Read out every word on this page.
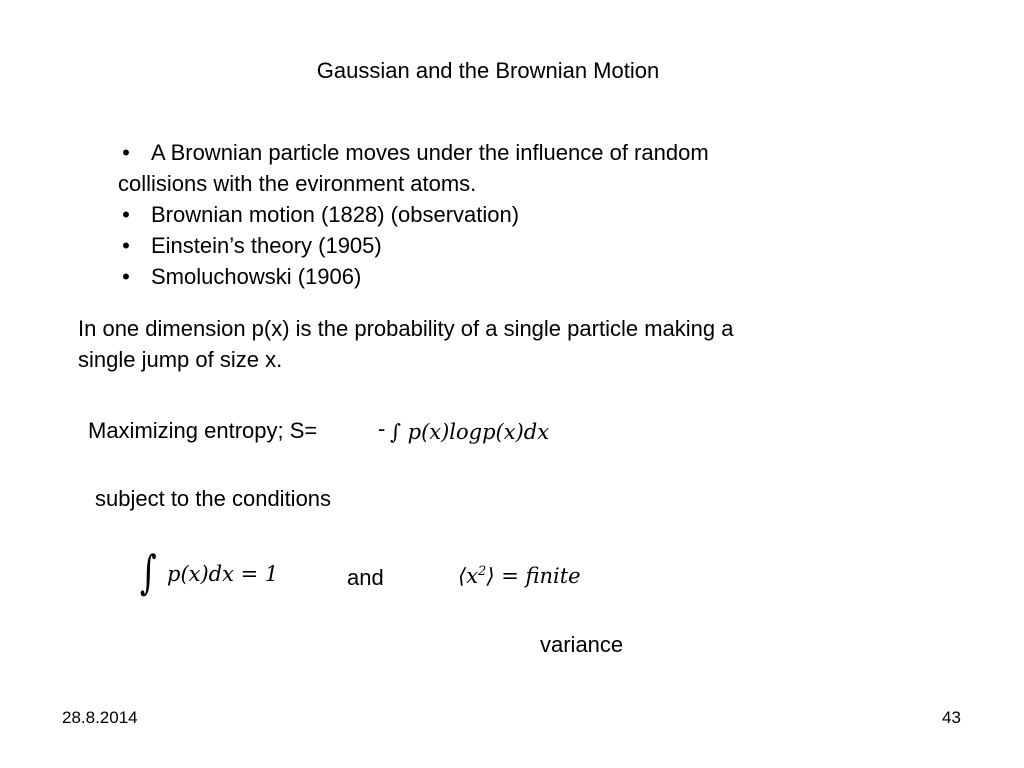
Gaussian and the Brownian Motion
• A Brownian particle moves under the influence of random
collisions with the evironment atoms.
• Brownian motion (1828) (observation)
• Einstein’s theory (1905)
• Smoluchowski (1906)
In one dimension p(x) is the probability of a single particle making a
single jump of size x.
Maximizing entropy; S=	- ∫ p(x)logp(x)dx
subject to the conditions
∫ p(x)dx = 1	and	$⟨x^2⟩$ = finite
variance
28.8.2014	43
